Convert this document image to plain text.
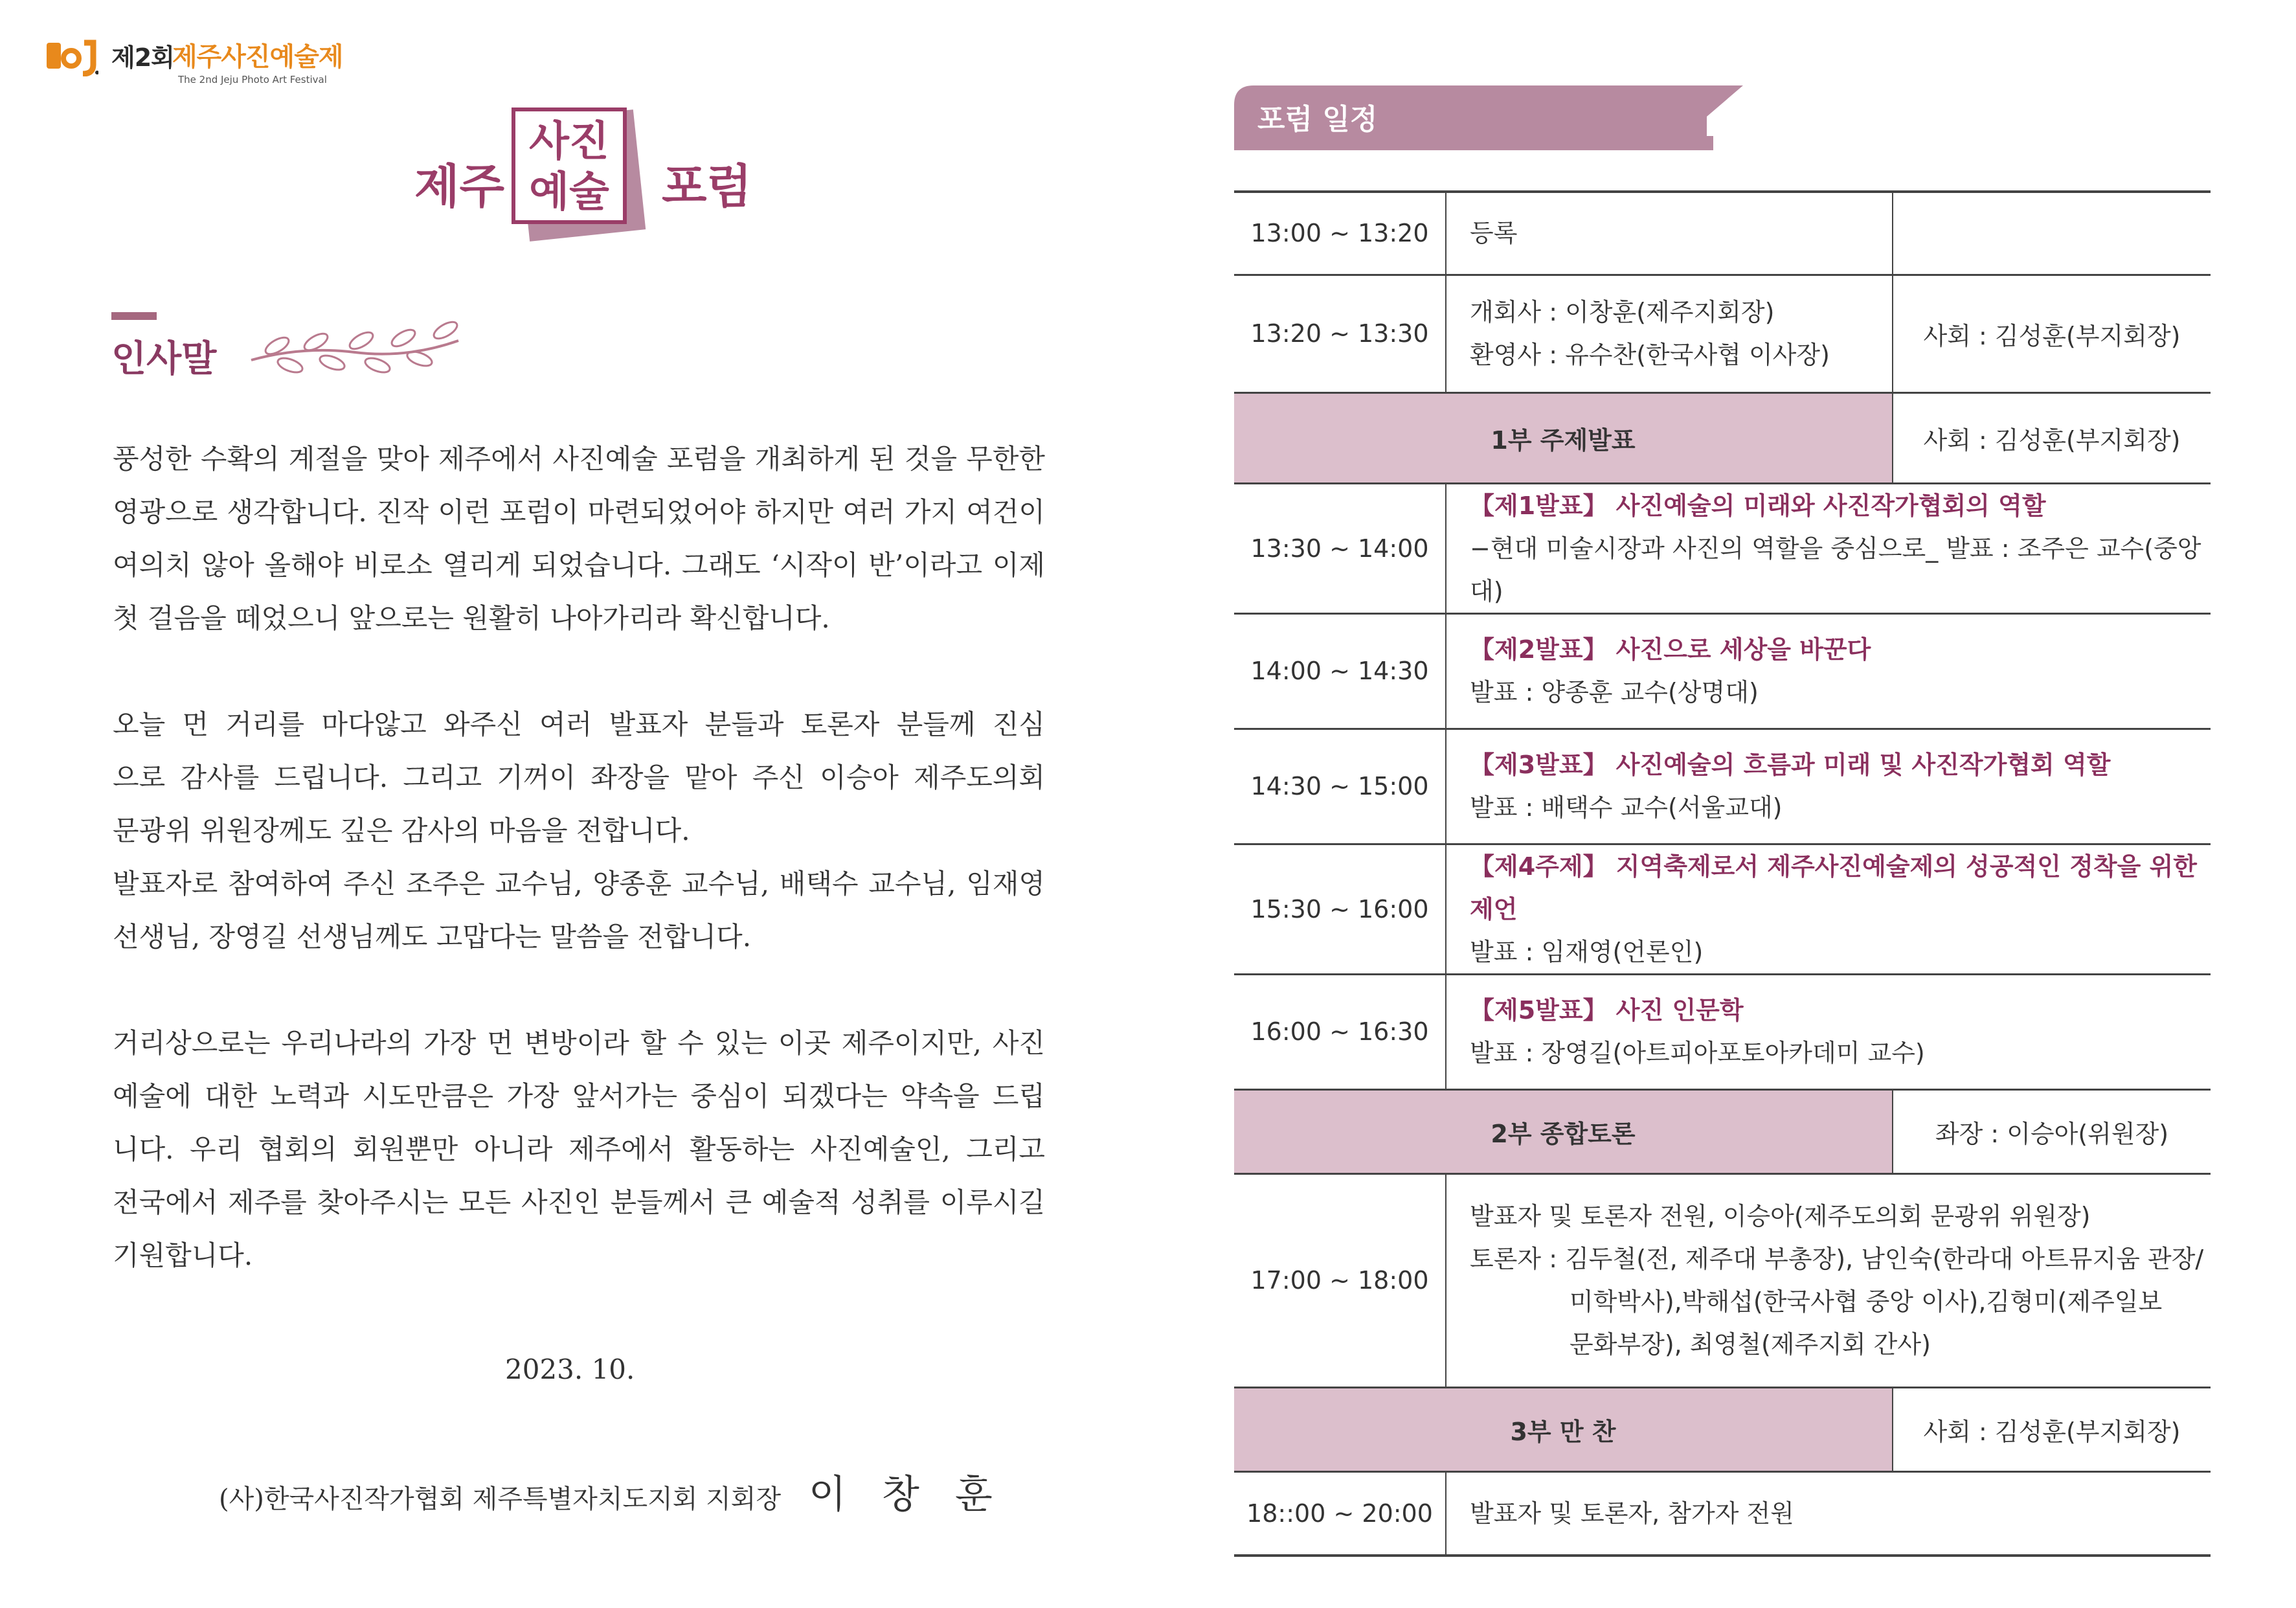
제2회
제주사진예술제
The 2nd Jeju Photo Art Festival
제주
사진
예술 포럼
인사말

풍성한 수확의 계절을 맞아 제주에서 사진예술 포럼을 개최하게 된 것을 무한한

영광으로 생각합니다. 진작 이런 포럼이 마련되었어야 하지만 여러 가지 여건이

여의치 않아 올해야 비로소 열리게 되었습니다. 그래도 ‘시작이 반’이라고 이제

첫 걸음을 떼었으니 앞으로는 원활히 나아가리라 확신합니다.

오늘 먼 거리를 마다않고 와주신 여러 발표자 분들과 토론자 분들께 진심

으로 감사를 드립니다. 그리고 기꺼이 좌장을 맡아 주신 이승아 제주도의회

문광위 위원장께도 깊은 감사의 마음을 전합니다.

발표자로 참여하여 주신 조주은 교수님, 양종훈 교수님, 배택수 교수님, 임재영

선생님, 장영길 선생님께도 고맙다는 말씀을 전합니다.

거리상으로는 우리나라의 가장 먼 변방이라 할 수 있는 이곳 제주이지만, 사진

예술에 대한 노력과 시도만큼은 가장 앞서가는 중심이 되겠다는 약속을 드립

니다. 우리 협회의 회원뿐만 아니라 제주에서 활동하는 사진예술인, 그리고

전국에서 제주를 찾아주시는 모든 사진인 분들께서 큰 예술적 성취를 이루시길

기원합니다.

2023. 10.
(사)한국사진작가협회 제주특별자치도지회 지회장 이 창 훈
포럼 일정
13:00 ~ 13:20	등록	
13:20 ~ 13:30	개회사 : 이창훈(제주지회장)
환영사 : 유수찬(한국사협 이사장)	사회 : 김성훈(부지회장)
1부 주제발표		사회 : 김성훈(부지회장)
13:30 ~ 14:00	【제1발표】 사진예술의 미래와 사진작가협회의 역할
−현대 미술시장과 사진의 역할을 중심으로_ 발표 : 조주은 교수(중앙대)	
14:00 ~ 14:30	【제2발표】 사진으로 세상을 바꾼다
발표 : 양종훈 교수(상명대)	
14:30 ~ 15:00	【제3발표】 사진예술의 흐름과 미래 및 사진작가협회 역할
발표 : 배택수 교수(서울교대)	
15:30 ~ 16:00	【제4주제】 지역축제로서 제주사진예술제의 성공적인 정착을 위한 제언
발표 : 임재영(언론인)	
16:00 ~ 16:30	【제5발표】 사진 인문학
발표 : 장영길(아트피아포토아카데미 교수)	
2부 종합토론		좌장 : 이승아(위원장)
17:00 ~ 18:00	발표자 및 토론자 전원, 이승아(제주도의회 문광위 위원장)
토론자 : 김두철(전, 제주대 부총장), 남인숙(한라대 아트뮤지움 관장/

미학박사),박해섭(한국사협 중앙 이사),김형미(제주일보
문화부장), 최영철(제주지회 간사)	

3부 만 찬		사회 : 김성훈(부지회장)
18::00 ~ 20:00	발표자 및 토론자, 참가자 전원	
